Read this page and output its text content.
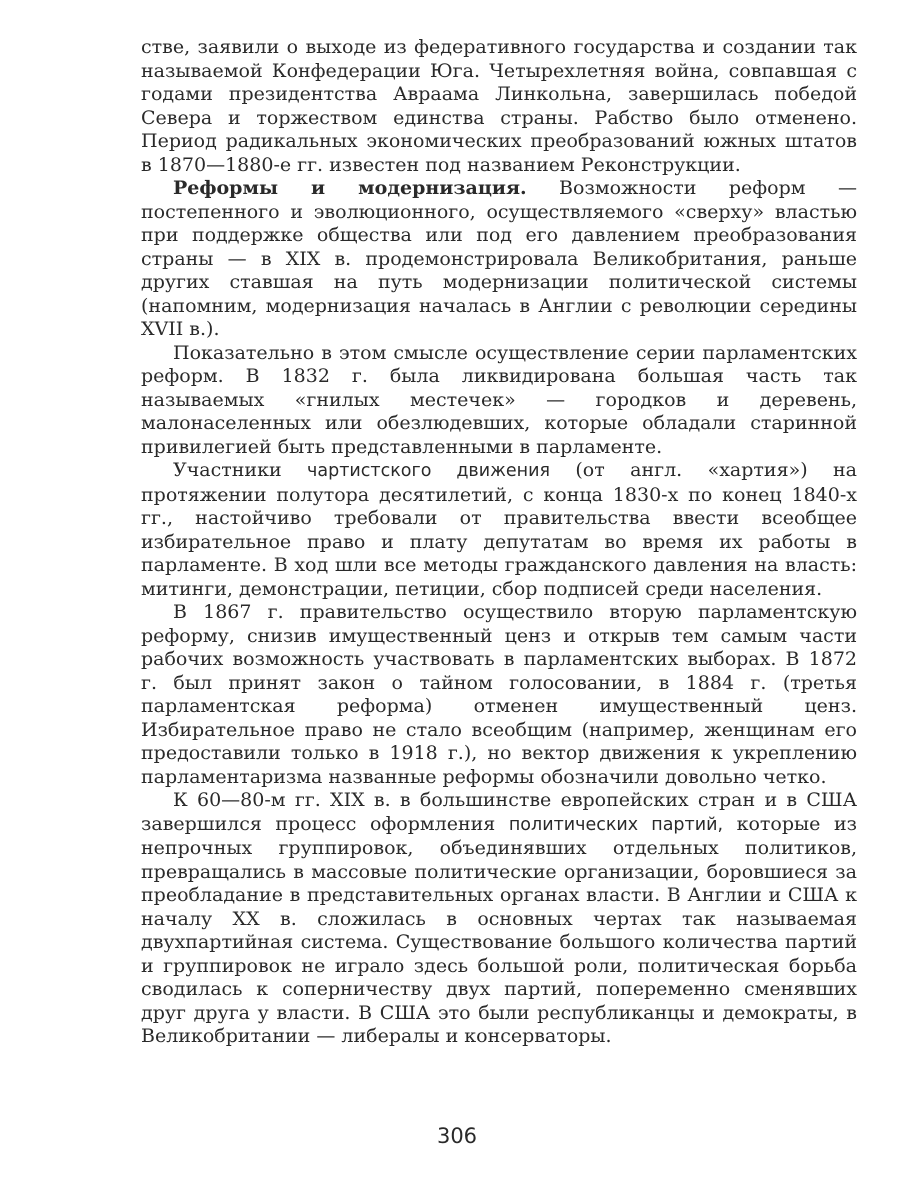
стве, заявили о выходе из федеративного государства и создании так называемой Конфедерации Юга. Четырехлетняя война, совпавшая с годами президентства Авраама Линкольна, завершилась победой Севера и торжеством единства страны. Рабство было отменено. Период радикальных экономических преобразований южных штатов в 1870—1880-е гг. известен под названием Реконструкции.

Реформы и модернизация. Возможности реформ — постепенного и эволюционного, осуществляемого «сверху» властью при поддержке общества или под его давлением преобразования страны — в XIX в. продемонстрировала Великобритания, раньше других ставшая на путь модернизации политической системы (напомним, модернизация началась в Англии с революции середины XVII в.).

Показательно в этом смысле осуществление серии парламентских реформ. В 1832 г. была ликвидирована большая часть так называемых «гнилых местечек» — городков и деревень, малонаселенных или обезлюдевших, которые обладали старинной привилегией быть представленными в парламенте.

Участники чартистского движения (от англ. «хартия») на протяжении полутора десятилетий, с конца 1830-х по конец 1840-х гг., настойчиво требовали от правительства ввести всеобщее избирательное право и плату депутатам во время их работы в парламенте. В ход шли все методы гражданского давления на власть: митинги, демонстрации, петиции, сбор подписей среди населения.

В 1867 г. правительство осуществило вторую парламентскую реформу, снизив имущественный ценз и открыв тем самым части рабочих возможность участвовать в парламентских выборах. В 1872 г. был принят закон о тайном голосовании, в 1884 г. (третья парламентская реформа) отменен имущественный ценз. Избирательное право не стало всеобщим (например, женщинам его предоставили только в 1918 г.), но вектор движения к укреплению парламентаризма названные реформы обозначили довольно четко.

К 60—80-м гг. XIX в. в большинстве европейских стран и в США завершился процесс оформления политических партий, которые из непрочных группировок, объединявших отдельных политиков, превращались в массовые политические организации, боровшиеся за преобладание в представительных органах власти. В Англии и США к началу XX в. сложилась в основных чертах так называемая двухпартийная система. Существование большого количества партий и группировок не играло здесь большой роли, политическая борьба сводилась к соперничеству двух партий, попеременно сменявших друг друга у власти. В США это были республиканцы и демократы, в Великобритании — либералы и консерваторы.

306
